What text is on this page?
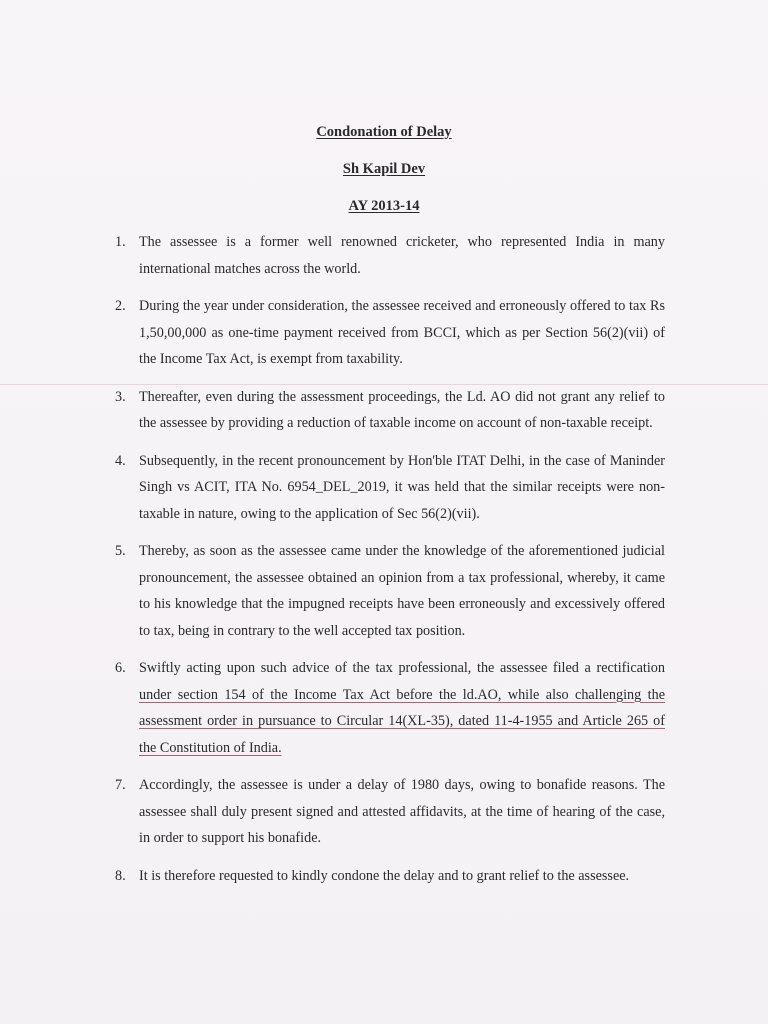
Condonation of Delay
Sh Kapil Dev
AY 2013-14
1. The assessee is a former well renowned cricketer, who represented India in many international matches across the world.
2. During the year under consideration, the assessee received and erroneously offered to tax Rs 1,50,00,000 as one-time payment received from BCCI, which as per Section 56(2)(vii) of the Income Tax Act, is exempt from taxability.
3. Thereafter, even during the assessment proceedings, the Ld. AO did not grant any relief to the assessee by providing a reduction of taxable income on account of non-taxable receipt.
4. Subsequently, in the recent pronouncement by Hon'ble ITAT Delhi, in the case of Maninder Singh vs ACIT, ITA No. 6954_DEL_2019, it was held that the similar receipts were non-taxable in nature, owing to the application of Sec 56(2)(vii).
5. Thereby, as soon as the assessee came under the knowledge of the aforementioned judicial pronouncement, the assessee obtained an opinion from a tax professional, whereby, it came to his knowledge that the impugned receipts have been erroneously and excessively offered to tax, being in contrary to the well accepted tax position.
6. Swiftly acting upon such advice of the tax professional, the assessee filed a rectification under section 154 of the Income Tax Act before the ld.AO, while also challenging the assessment order in pursuance to Circular 14(XL-35), dated 11-4-1955 and Article 265 of the Constitution of India.
7. Accordingly, the assessee is under a delay of 1980 days, owing to bonafide reasons. The assessee shall duly present signed and attested affidavits, at the time of hearing of the case, in order to support his bonafide.
8. It is therefore requested to kindly condone the delay and to grant relief to the assessee.
